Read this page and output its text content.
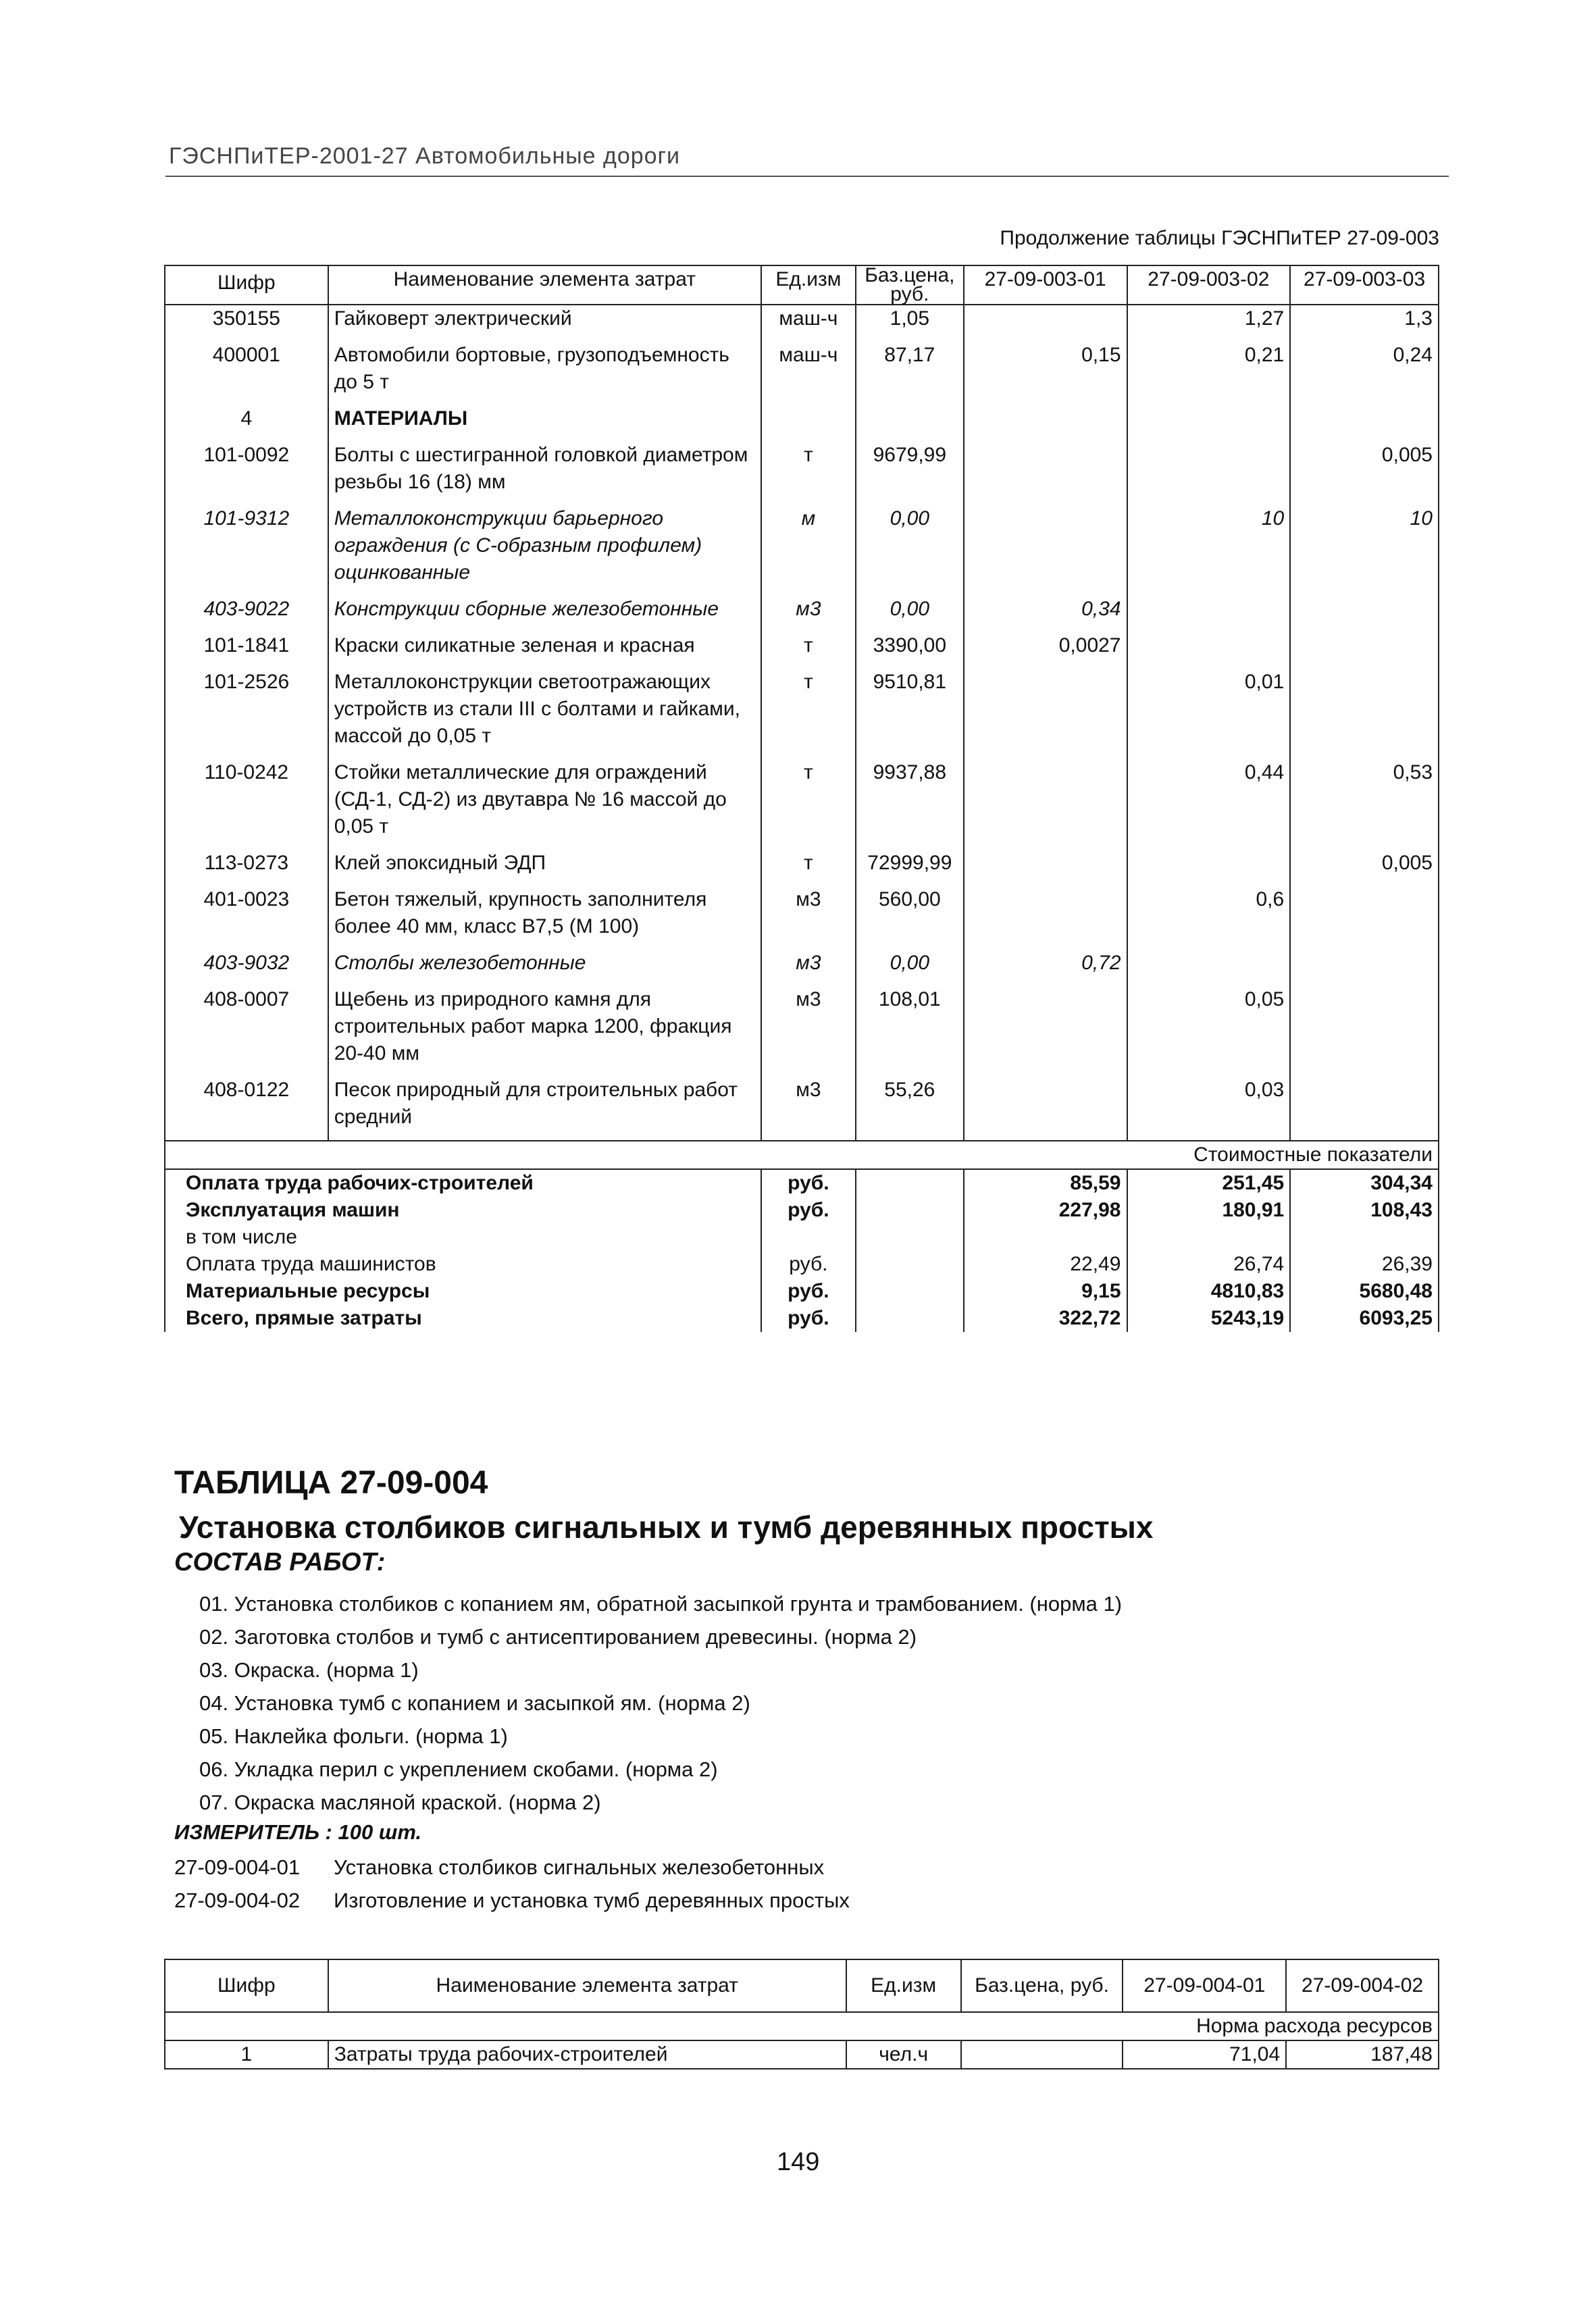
ГЭСНПиТЕР-2001-27 Автомобильные дороги
Продолжение таблицы ГЭСНПиТЕР 27-09-003
Шифр	Наименование элемента затрат	Ед.изм	Баз.цена, руб.	27-09-003-01	27-09-003-02	27-09-003-03
350155	Гайковерт электрический	маш-ч	1,05		1,27	1,3
400001	Автомобили бортовые, грузоподъемность до 5 т	маш-ч	87,17	0,15	0,21	0,24
4	МАТЕРИАЛЫ					
101-0092	Болты с шестигранной головкой диаметром резьбы 16 (18) мм	т	9679,99			0,005
101-9312	Металлоконструкции барьерного ограждения (с С-образным профилем) оцинкованные	м	0,00		10	10
403-9022	Конструкции сборные железобетонные	м3	0,00	0,34		
101-1841	Краски силикатные зеленая и красная	т	3390,00	0,0027		
101-2526	Металлоконструкции светоотражающих устройств из стали III с болтами и гайками, массой до 0,05 т	т	9510,81		0,01	
110-0242	Стойки металлические для ограждений (СД-1, СД-2) из двутавра № 16 массой до 0,05 т	т	9937,88		0,44	0,53
113-0273	Клей эпоксидный ЭДП	т	72999,99			0,005
401-0023	Бетон тяжелый, крупность заполнителя более 40 мм, класс В7,5 (М 100)	м3	560,00		0,6	
403-9032	Столбы железобетонные	м3	0,00	0,72		
408-0007	Щебень из природного камня для строительных работ марка 1200, фракция 20-40 мм	м3	108,01		0,05	
408-0122	Песок природный для строительных работ средний	м3	55,26		0,03	
Стоимостные показатели						
Оплата труда рабочих-строителей		руб.		85,59	251,45	304,34
Эксплуатация машин		руб.		227,98	180,91	108,43
в том числе						
Оплата труда машинистов		руб.		22,49	26,74	26,39
Материальные ресурсы		руб.		9,15	4810,83	5680,48
Всего, прямые затраты		руб.		322,72	5243,19	6093,25
ТАБЛИЦА 27-09-004
Установка столбиков сигнальных и тумб деревянных простых
СОСТАВ РАБОТ:
01. Установка столбиков с копанием ям, обратной засыпкой грунта и трамбованием. (норма 1)
02. Заготовка столбов и тумб с антисептированием древесины. (норма 2)
03. Окраска. (норма 1)
04. Установка тумб с копанием и засыпкой ям. (норма 2)
05. Наклейка фольги. (норма 1)
06. Укладка перил с укреплением скобами. (норма 2)
07. Окраска масляной краской. (норма 2)
ИЗМЕРИТЕЛЬ : 100 шт.
27-09-004-01 Установка столбиков сигнальных железобетонных
27-09-004-02 Изготовление и установка тумб деревянных простых
Шифр	Наименование элемента затрат	Ед.изм	Баз.цена, руб.	27-09-004-01	27-09-004-02
Норма расхода ресурсов					
1	Затраты труда рабочих-строителей	чел.ч		71,04	187,48
149
